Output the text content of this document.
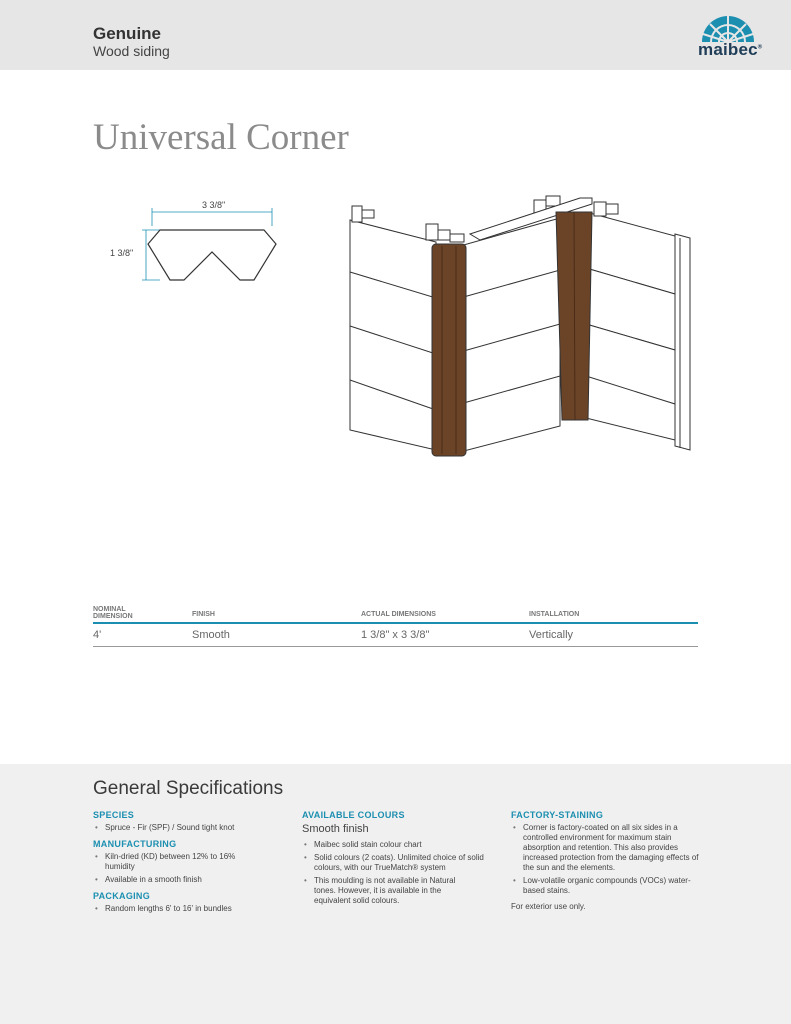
Genuine
Wood siding	maibec®
Universal Corner
3 3/8"
1 3/8"
NOMINAL DIMENSION	FINISH	ACTUAL DIMENSIONS	INSTALLATION
4'	Smooth	1 3/8" x 3 3/8"	Vertically
General Specifications
SPECIES
• Spruce - Fir (SPF) / Sound tight knot
MANUFACTURING
• Kiln-dried (KD) between 12% to 16% humidity
• Available in a smooth finish
PACKAGING
• Random lengths 6' to 16' in bundles
AVAILABLE COLOURS
Smooth finish
• Maibec solid stain colour chart
• Solid colours (2 coats). Unlimited choice of solid colours, with our TrueMatch® system
• This moulding is not available in Natural tones. However, it is available in the equivalent solid colours.
FACTORY-STAINING
• Corner is factory-coated on all six sides in a controlled environment for maximum stain absorption and retention. This also provides increased protection from the damaging effects of the sun and the elements.
• Low-volatile organic compounds (VOCs) water-based stains.
For exterior use only.
